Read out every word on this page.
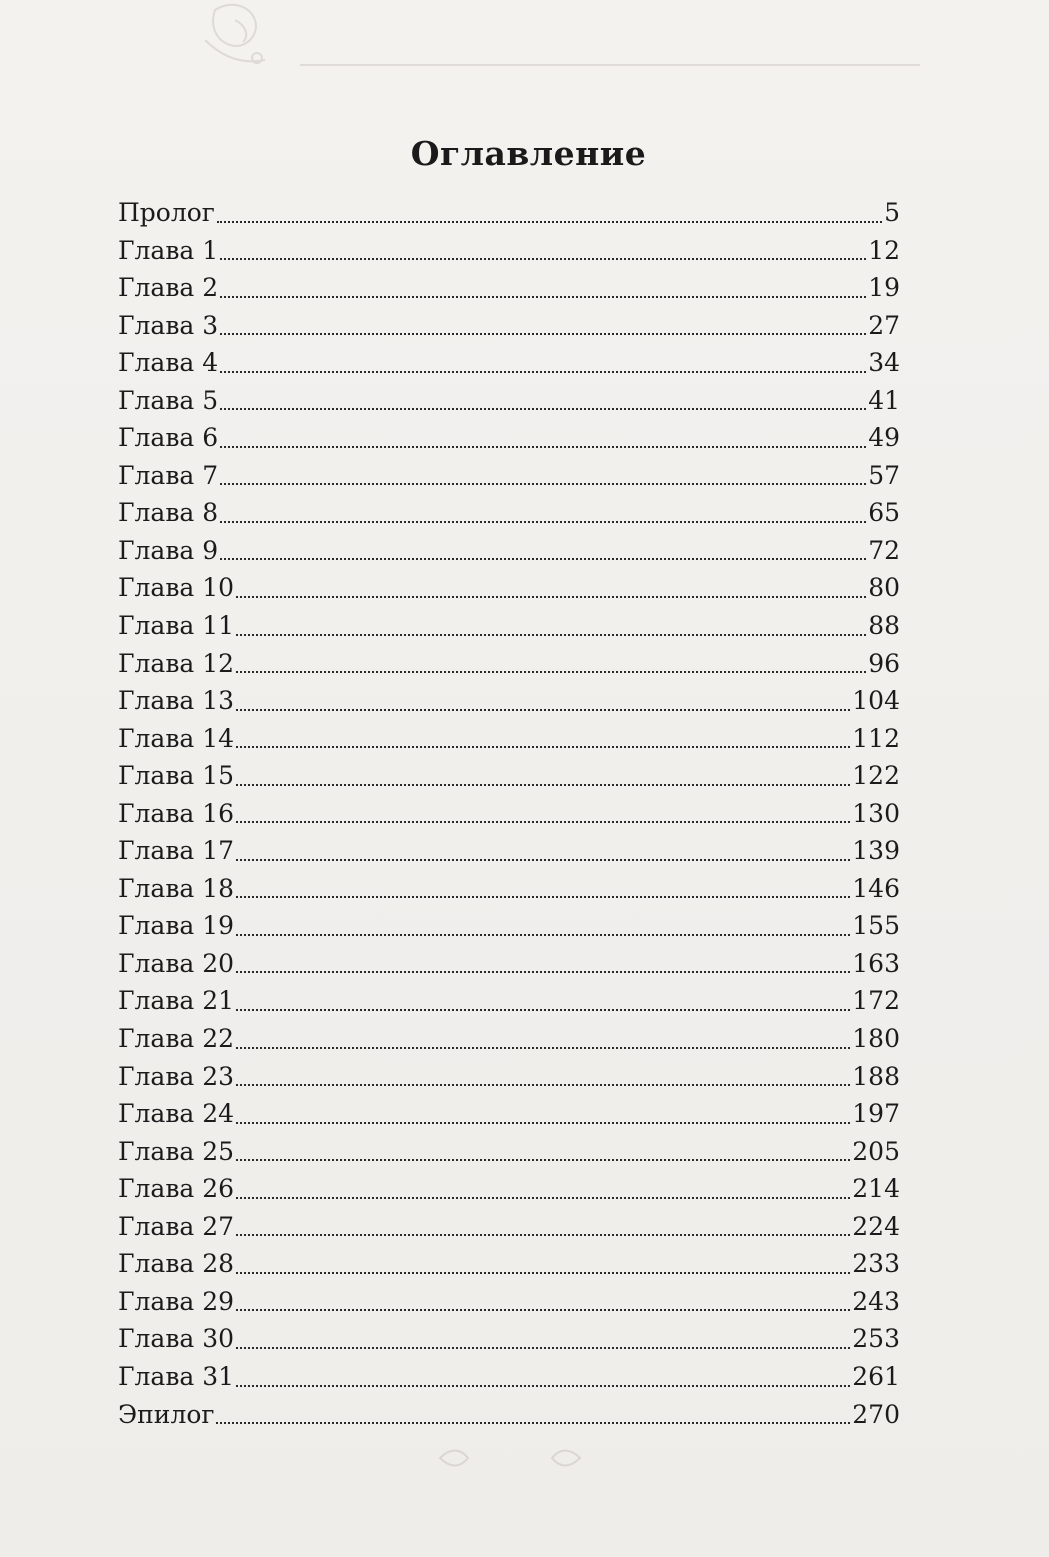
Оглавление
Пролог	5
Глава 1	12
Глава 2	19
Глава 3	27
Глава 4	34
Глава 5	41
Глава 6	49
Глава 7	57
Глава 8	65
Глава 9	72
Глава 10	80
Глава 11	88
Глава 12	96
Глава 13	104
Глава 14	112
Глава 15	122
Глава 16	130
Глава 17	139
Глава 18	146
Глава 19	155
Глава 20	163
Глава 21	172
Глава 22	180
Глава 23	188
Глава 24	197
Глава 25	205
Глава 26	214
Глава 27	224
Глава 28	233
Глава 29	243
Глава 30	253
Глава 31	261
Эпилог	270
